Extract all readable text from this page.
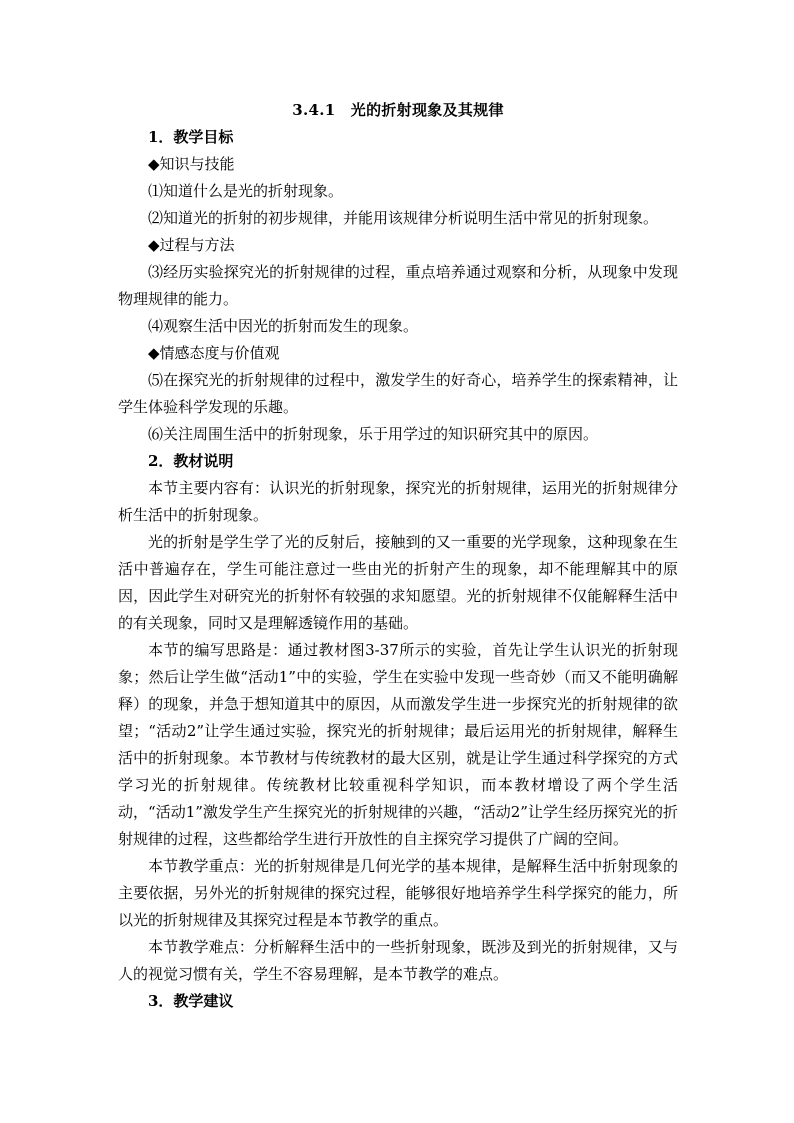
3.4.1　光的折射现象及其规律

1．教学目标

◆知识与技能

⑴知道什么是光的折射现象。

⑵知道光的折射的初步规律，并能用该规律分析说明生活中常见的折射现象。

◆过程与方法

⑶经历实验探究光的折射规律的过程，重点培养通过观察和分析，从现象中发现物理规律的能力。

⑷观察生活中因光的折射而发生的现象。

◆情感态度与价值观

⑸在探究光的折射规律的过程中，激发学生的好奇心，培养学生的探索精神，让学生体验科学发现的乐趣。

⑹关注周围生活中的折射现象，乐于用学过的知识研究其中的原因。

2．教材说明

本节主要内容有：认识光的折射现象，探究光的折射规律，运用光的折射规律分析生活中的折射现象。

光的折射是学生学了光的反射后，接触到的又一重要的光学现象，这种现象在生活中普遍存在，学生可能注意过一些由光的折射产生的现象，却不能理解其中的原因，因此学生对研究光的折射怀有较强的求知愿望。光的折射规律不仅能解释生活中的有关现象，同时又是理解透镜作用的基础。

本节的编写思路是：通过教材图3-37所示的实验，首先让学生认识光的折射现象；然后让学生做“活动1”中的实验，学生在实验中发现一些奇妙（而又不能明确解释）的现象，并急于想知道其中的原因，从而激发学生进一步探究光的折射规律的欲望；“活动2”让学生通过实验，探究光的折射规律；最后运用光的折射规律，解释生活中的折射现象。本节教材与传统教材的最大区别，就是让学生通过科学探究的方式学习光的折射规律。传统教材比较重视科学知识，而本教材增设了两个学生活动，“活动1”激发学生产生探究光的折射规律的兴趣，“活动2”让学生经历探究光的折射规律的过程，这些都给学生进行开放性的自主探究学习提供了广阔的空间。

本节教学重点：光的折射规律是几何光学的基本规律，是解释生活中折射现象的主要依据，另外光的折射规律的探究过程，能够很好地培养学生科学探究的能力，所以光的折射规律及其探究过程是本节教学的重点。

本节教学难点：分析解释生活中的一些折射现象，既涉及到光的折射规律，又与人的视觉习惯有关，学生不容易理解，是本节教学的难点。

3．教学建议
